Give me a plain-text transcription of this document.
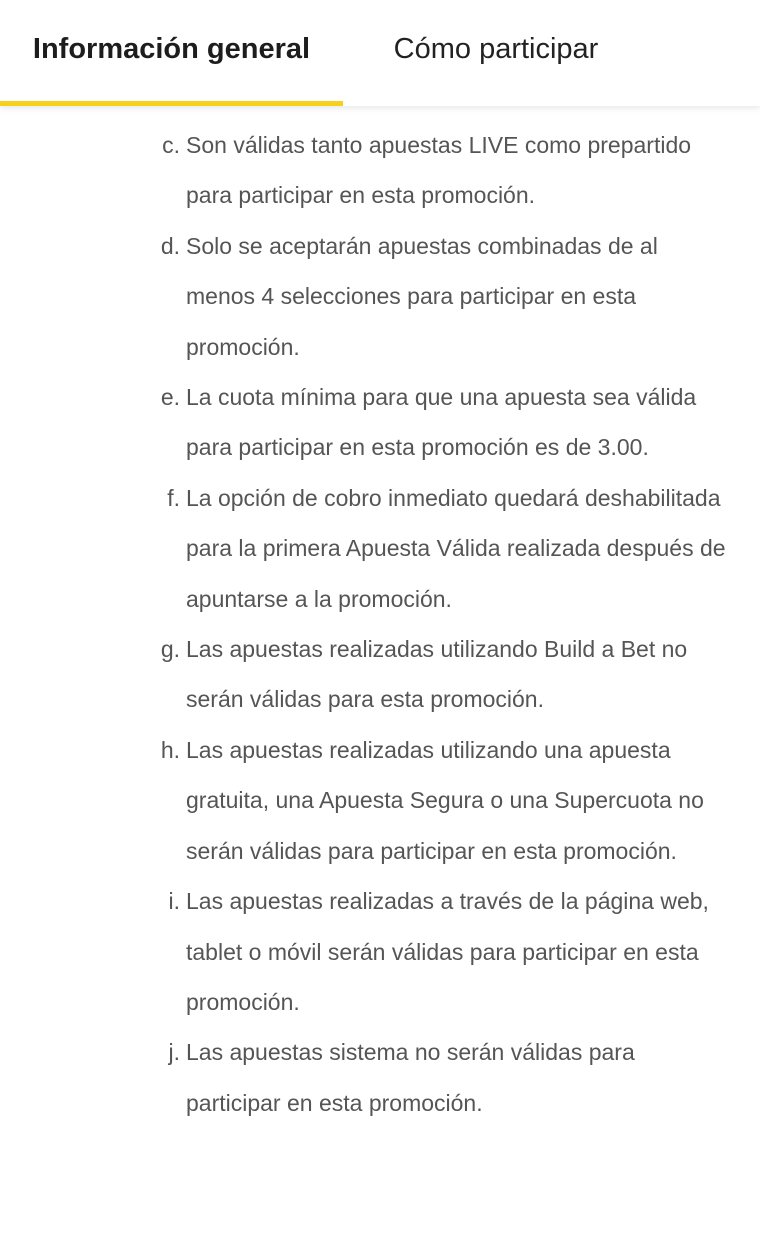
Información general	Cómo participar
c. Son válidas tanto apuestas LIVE como prepartido para participar en esta promoción.
d. Solo se aceptarán apuestas combinadas de al menos 4 selecciones para participar en esta promoción.
e. La cuota mínima para que una apuesta sea válida para participar en esta promoción es de 3.00.
f. La opción de cobro inmediato quedará deshabilitada para la primera Apuesta Válida realizada después de apuntarse a la promoción.
g. Las apuestas realizadas utilizando Build a Bet no serán válidas para esta promoción.
h. Las apuestas realizadas utilizando una apuesta gratuita, una Apuesta Segura o una Supercuota no serán válidas para participar en esta promoción.
i. Las apuestas realizadas a través de la página web, tablet o móvil serán válidas para participar en esta promoción.
j. Las apuestas sistema no serán válidas para participar en esta promoción.
